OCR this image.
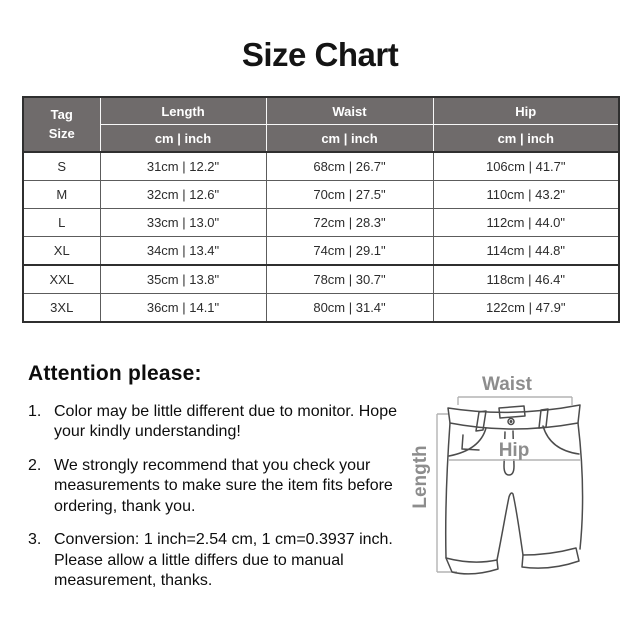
Size Chart
Tag
Size	Length	Waist	Hip
	cm | inch	cm | inch	cm | inch
S	31cm | 12.2"	68cm | 26.7"	106cm | 41.7"
M	32cm | 12.6"	70cm | 27.5"	110cm | 43.2"
L	33cm | 13.0"	72cm | 28.3"	112cm | 44.0"
XL	34cm | 13.4"	74cm | 29.1"	114cm | 44.8"
XXL	35cm | 13.8"	78cm | 30.7"	118cm | 46.4"
3XL	36cm | 14.1"	80cm | 31.4"	122cm | 47.9"
Attention please:
1. Color may be little different due to monitor. Hope your kindly understanding!
2. We strongly recommend that you check your measurements to make sure the item fits before ordering, thank you.
3. Conversion: 1 inch=2.54 cm, 1 cm=0.3937 inch. Please allow a little differs due to manual measurement, thanks.
Waist
Hip
Length
